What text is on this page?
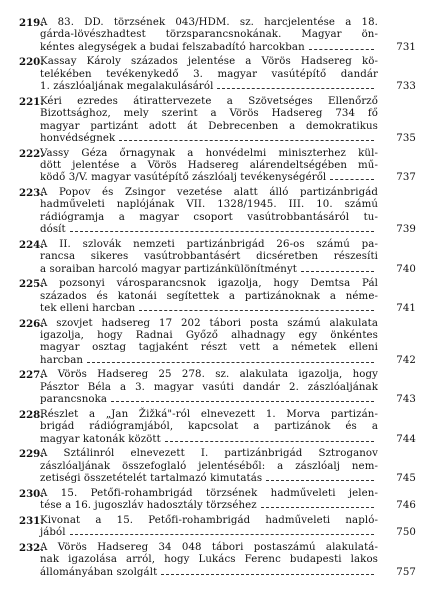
219.
A 83. DD. törzsének 043/HDM. sz. harcjelentése a 18.
gárda-lövészhadtest törzsparancsnokának. Magyar ön-
kéntes alegységek a budai felszabadító harcokban	731
220.
Kassay Károly százados jelentése a Vörös Hadsereg kö-
telékében tevékenykedő 3. magyar vasútépítő dandár
1. zászlóaljának megalakulásáról	733
221.
Kéri ezredes átirattervezete a Szövetséges Ellenőrző
Bizottsághoz, mely szerint a Vörös Hadsereg 734 fő
magyar partizánt adott át Debrecenben a demokratikus
honvédségnek	735
222.
Vassy Géza őrnagynak a honvédelmi miniszterhez kül-
dött jelentése a Vörös Hadsereg alárendeltségében mű-
ködő 3/V. magyar vasútépítő zászlóalj tevékenységéről	737
223.
A Popov és Zsingor vezetése alatt álló partizánbrigád
hadműveleti naplójának VII. 1328/1945. III. 10. számú
rádiógramja a magyar csoport vasútrobbantásáról tu-
dósít	739
224.
A II. szlovák nemzeti partizánbrigád 26-os számú pa-
rancsa sikeres vasútrobbantásért dicséretben részesíti
a soraiban harcoló magyar partizánkülönítményt	740
225.
A pozsonyi városparancsnok igazolja, hogy Demtsa Pál
százados és katonái segítettek a partizánoknak a néme-
tek elleni harcban	741
226.
A szovjet hadsereg 17 202 tábori posta számú alakulata
igazolja, hogy Radnai Győző alhadnagy egy önkéntes
magyar osztag tagjaként részt vett a németek elleni
harcban	742
227.
A Vörös Hadsereg 25 278. sz. alakulata igazolja, hogy
Pásztor Béla a 3. magyar vasúti dandár 2. zászlóaljának
parancsnoka	743
228.
Részlet a „Jan Žižká"-ról elnevezett 1. Morva partizán-
brigád rádiógramjából, kapcsolat a partizánok és a
magyar katonák között	744
229.
A Sztálinról elnevezett I. partizánbrigád Sztroganov
zászlóaljának összefoglaló jelentéséből: a zászlóalj nem-
zetiségi összetételét tartalmazó kimutatás	745
230.
A 15. Petőfi-rohambrigád törzsének hadműveleti jelen-
tése a 16. jugoszláv hadosztály törzséhez	746
231.
Kivonat a 15. Petőfi-rohambrigád hadműveleti napló-
jából	750
232.
A Vörös Hadsereg 34 048 tábori postaszámú alakulatá-
nak igazolása arról, hogy Lukács Ferenc budapesti lakos
állományában szolgált	757
